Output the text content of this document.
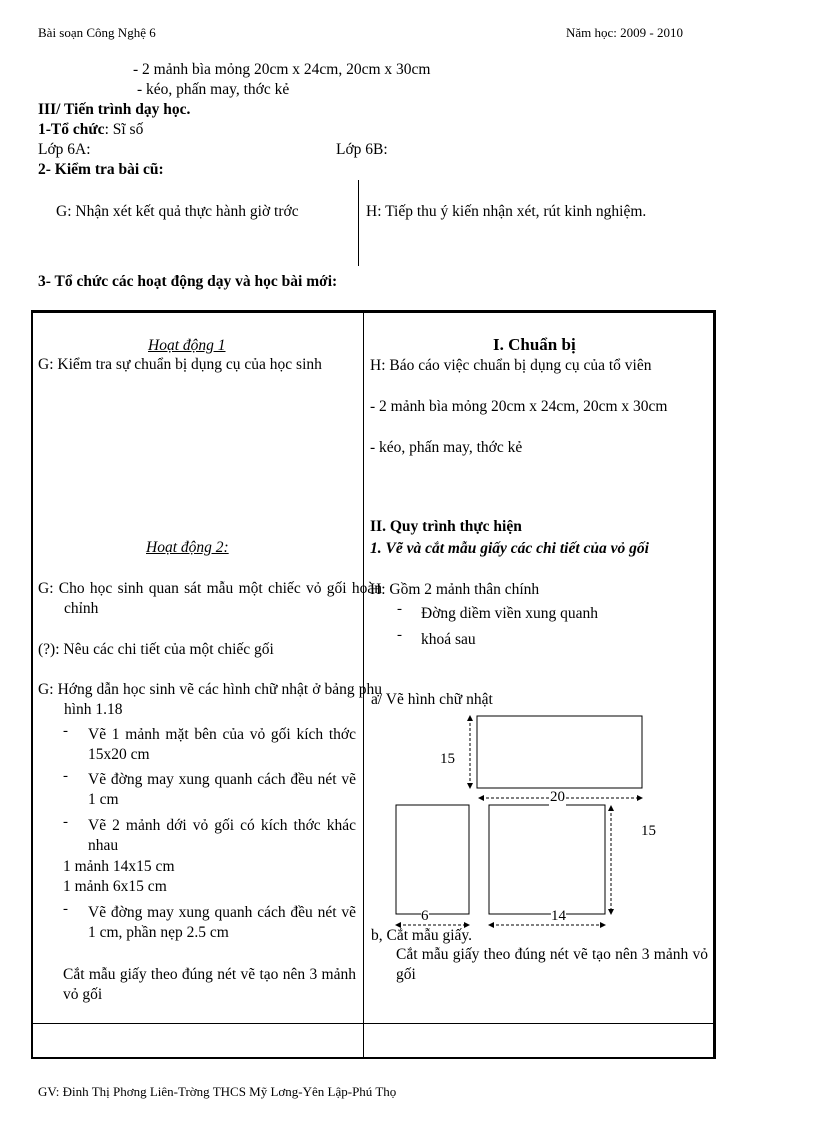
Bài soạn Công Nghệ 6	Năm học: 2009 - 2010
- 2 mảnh bìa mỏng 20cm x 24cm, 20cm x 30cm
- kéo, phấn may, thớc kẻ
III/ Tiến trình dạy học.
1-Tổ chức: Sĩ số
Lớp 6A:	Lớp 6B:
2- Kiểm tra bài cũ:
G: Nhận xét kết quả thực hành giờ trớc	H: Tiếp thu ý kiến nhận xét, rút kinh nghiệm.
3- Tổ chức các hoạt động dạy và học bài mới:
Hoạt động 1
G: Kiểm tra sự chuẩn bị dụng cụ của học sinh
Hoạt động 2:
G: Cho học sinh quan sát mẫu một chiếc vỏ gối hoàn chỉnh
(?): Nêu các chi tiết của một chiếc gối
G: Hớng dẫn học sinh vẽ các hình chữ nhật ở bảng phụ hình 1.18
- Vẽ 1 mảnh mặt bên của vỏ gối kích thớc 15x20 cm
- Vẽ đờng may xung quanh cách đều nét vẽ 1 cm
- Vẽ 2 mảnh dới vỏ gối có kích thớc khác nhau
1 mảnh 14x15 cm
1 mảnh 6x15 cm
- Vẽ đờng may xung quanh cách đều nét vẽ 1 cm, phần nẹp 2.5 cm
Cắt mẫu giấy theo đúng nét vẽ tạo nên 3 mảnh vỏ gối
I. Chuẩn bị
H: Báo cáo việc chuẩn bị dụng cụ của tổ viên
- 2 mảnh bìa mỏng 20cm x 24cm, 20cm x 30cm
- kéo, phấn may, thớc kẻ
II. Quy trình thực hiện
1. Vẽ và cắt mẫu giấy các chi tiết của vỏ gối
H: Gồm 2 mảnh thân chính
- Đờng diềm viền xung quanh
- khoá sau
a/ Vẽ hình chữ nhật
15
20
15
6	14
b, Cắt mẫu giấy.
Cắt mẫu giấy theo đúng nét vẽ tạo nên 3 mảnh vỏ gối
GV: Đinh Thị Phơng Liên-Trờng THCS Mỹ Lơng-Yên Lập-Phú Thọ
